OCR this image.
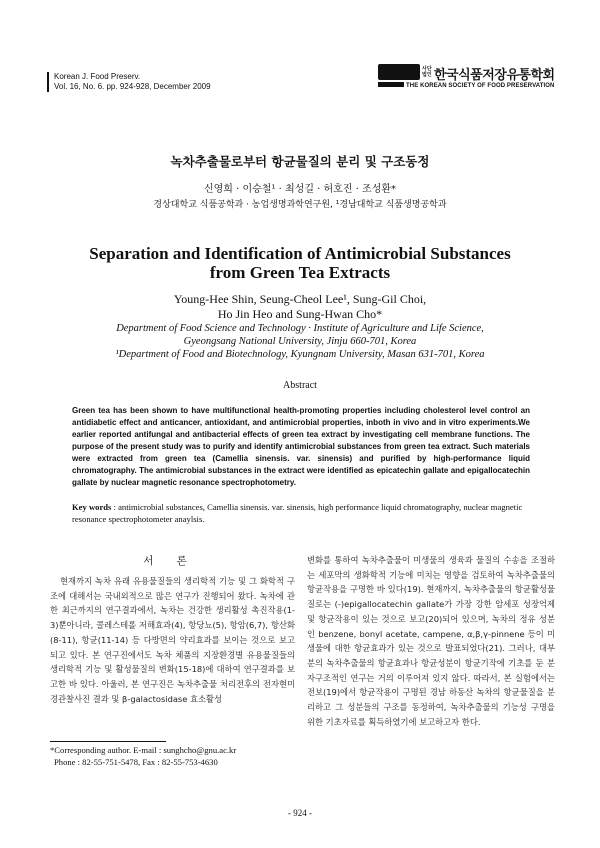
Korean J. Food Preserv.
Vol. 16, No. 6. pp. 924-928, December 2009
사단법인 한국식품저장유통학회
THE KOREAN SOCIETY OF FOOD PRESERVATION
녹차추출물로부터 항균물질의 분리 및 구조동정
신영희 · 이승철¹ · 최성길 · 허호진 · 조성환*
경상대학교 식품공학과 · 농업생명과학연구원, ¹경남대학교 식품생명공학과
Separation and Identification of Antimicrobial Substances from Green Tea Extracts
Young-Hee Shin, Seung-Cheol Lee¹, Sung-Gil Choi,
Ho Jin Heo and Sung-Hwan Cho*
Department of Food Science and Technology · Institute of Agriculture and Life Science,
Gyeongsang National University, Jinju 660-701, Korea
¹Department of Food and Biotechnology, Kyungnam University, Masan 631-701, Korea
Abstract
Green tea has been shown to have multifunctional health-promoting properties including cholesterol level control an antidiabetic effect and anticancer, antioxidant, and antimicrobial properties, inboth in vivo and in vitro experiments.We earlier reported antifungal and antibacterial effects of green tea extract by investigating cell membrane functions. The purpose of the present study was to purify and identify antimicrobial substances from green tea extract. Such materials were extracted from green tea (Camellia sinensis. var. sinensis) and purified by high-performance liquid chromatography. The antimicrobial substances in the extract were identified as epicatechin gallate and epigallocatechin gallate by nuclear magnetic resonance spectrophotometry.
Key words : antimicrobial substances, Camellia sinensis. var. sinensis, high performance liquid chromatography, nuclear magnetic resonance spectrophotometer anaylsis.
서 론

현재까지 녹차 유래 유용물질들의 생리학적 기능 및 그 화학적 구조에 대해서는 국내외적으로 많은 연구가 진행되어 왔다. 녹차에 관한 최근까지의 연구결과에서, 녹차는 건강한 생리활성 촉진작용(1-3)뿐아니라, 콜레스테롤 저해효과(4), 항당뇨(5), 항암(6,7), 항산화(8-11), 항균(11-14) 등 다방면의 약리효과를 보이는 것으로 보고되고 있다. 본 연구진에서도 녹차 체품의 지장환경별 유용물질들의 생리학적 기능 및 활성물질의 변화(15-18)에 대하여 연구결과를 보고한 바 있다. 아울러, 본 연구진은 녹차추출물 처리전후의 전자현미경관찰사진 결과 및 β-galactosidase 효소활성

변화를 통하여 녹차추출물이 미생물의 생육과 물질의 수송을 조절하는 세포막의 생화학적 기능에 미치는 영향을 검토하여 녹차추출물의 항균작용을 구명한 바 있다(19). 현재까지, 녹차추출물의 항균활성물질로는 (-)epigallocatechin gallate가 가장 강한 암세포 성장억제 및 항균작용이 있는 것으로 보고(20)되어 있으며, 녹차의 정유 성분인 benzene, bonyl acetate, campene, α,β,γ-pinnene 등이 미생물에 대한 항균효과가 있는 것으로 발표되었다(21). 그러나, 대부분의 녹차추출물의 항균효과나 항균성분이 항균기작에 기초를 둔 분자구조적인 연구는 거의 이루어져 있지 않다. 따라서, 본 실험에서는 전보(19)에서 항균작용이 구명된 경남 하동산 녹차의 항균물질을 분리하고 그 성분들의 구조를 동정하여, 녹차추출물의 기능성 구명을 위한 기초자료를 획득하였기에 보고하고자 한다.

*Corresponding author. E-mail : sunghcho@gnu.ac.kr
Phone : 82-55-751-5478, Fax : 82-55-753-4630
- 924 -
